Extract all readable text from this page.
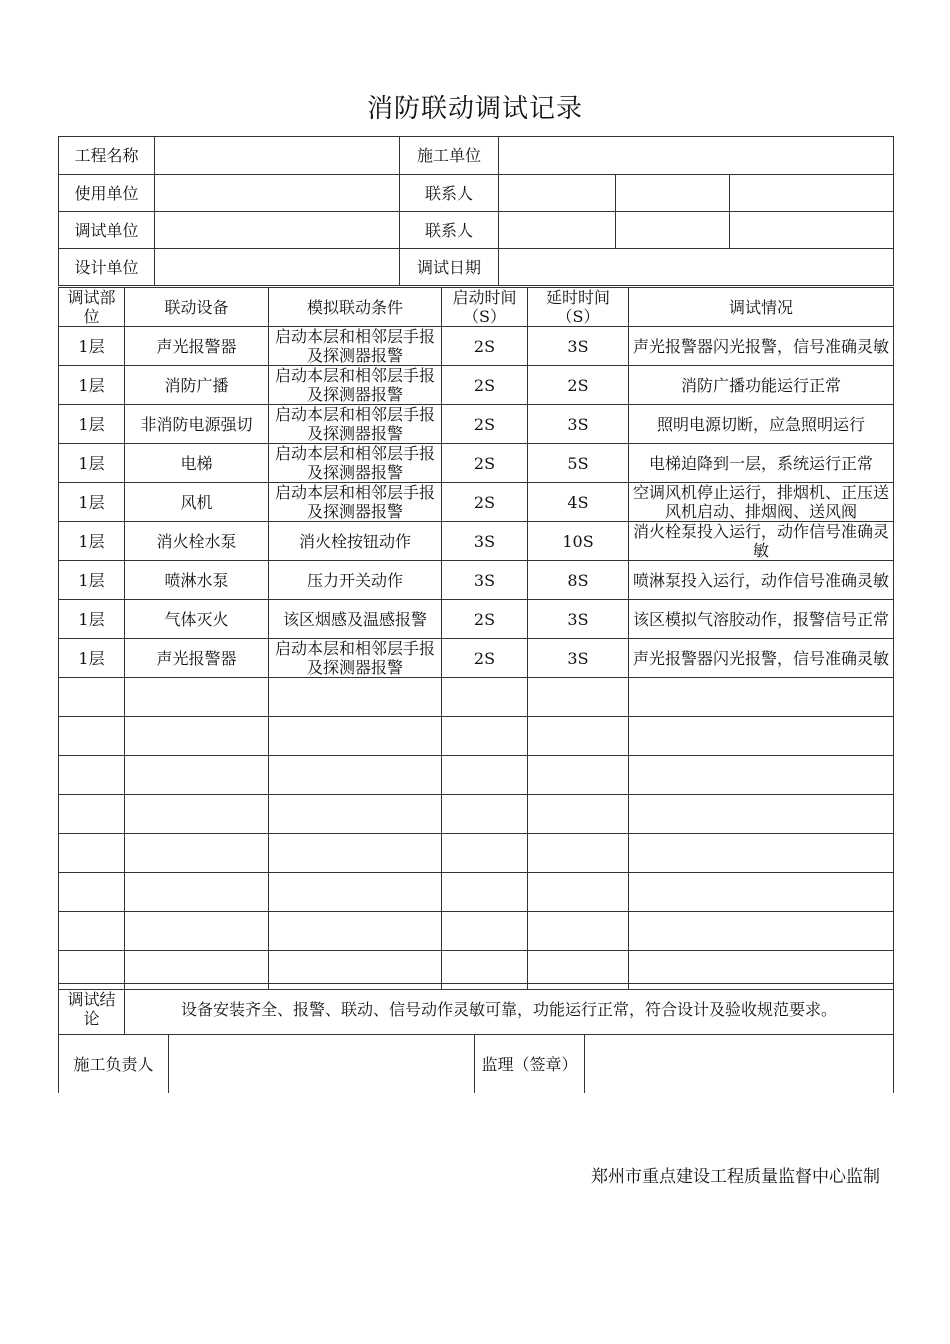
消防联动调试记录
工程名称		施工单位			
使用单位		联系人			
调试单位		联系人			
设计单位		调试日期			
调试部位	联动设备	模拟联动条件	启动时间（S）	延时时间（S）	调试情况
1层	声光报警器	启动本层和相邻层手报及探测器报警	2S	3S	声光报警器闪光报警，信号准确灵敏
1层	消防广播	启动本层和相邻层手报及探测器报警	2S	2S	消防广播功能运行正常
1层	非消防电源强切	启动本层和相邻层手报及探测器报警	2S	3S	照明电源切断，应急照明运行
1层	电梯	启动本层和相邻层手报及探测器报警	2S	5S	电梯迫降到一层，系统运行正常
1层	风机	启动本层和相邻层手报及探测器报警	2S	4S	空调风机停止运行，排烟机、正压送风机启动、排烟阀、送风阀
1层	消火栓水泵	消火栓按钮动作	3S	10S	消火栓泵投入运行，动作信号准确灵敏
1层	喷淋水泵	压力开关动作	3S	8S	喷淋泵投入运行，动作信号准确灵敏
1层	气体灭火	该区烟感及温感报警	2S	3S	该区模拟气溶胶动作，报警信号正常
1层	声光报警器	启动本层和相邻层手报及探测器报警	2S	3S	声光报警器闪光报警，信号准确灵敏

调试结论	设备安装齐全、报警、联动、信号动作灵敏可靠，功能运行正常，符合设计及验收规范要求。
施工负责人		监理（签章）	
郑州市重点建设工程质量监督中心监制
